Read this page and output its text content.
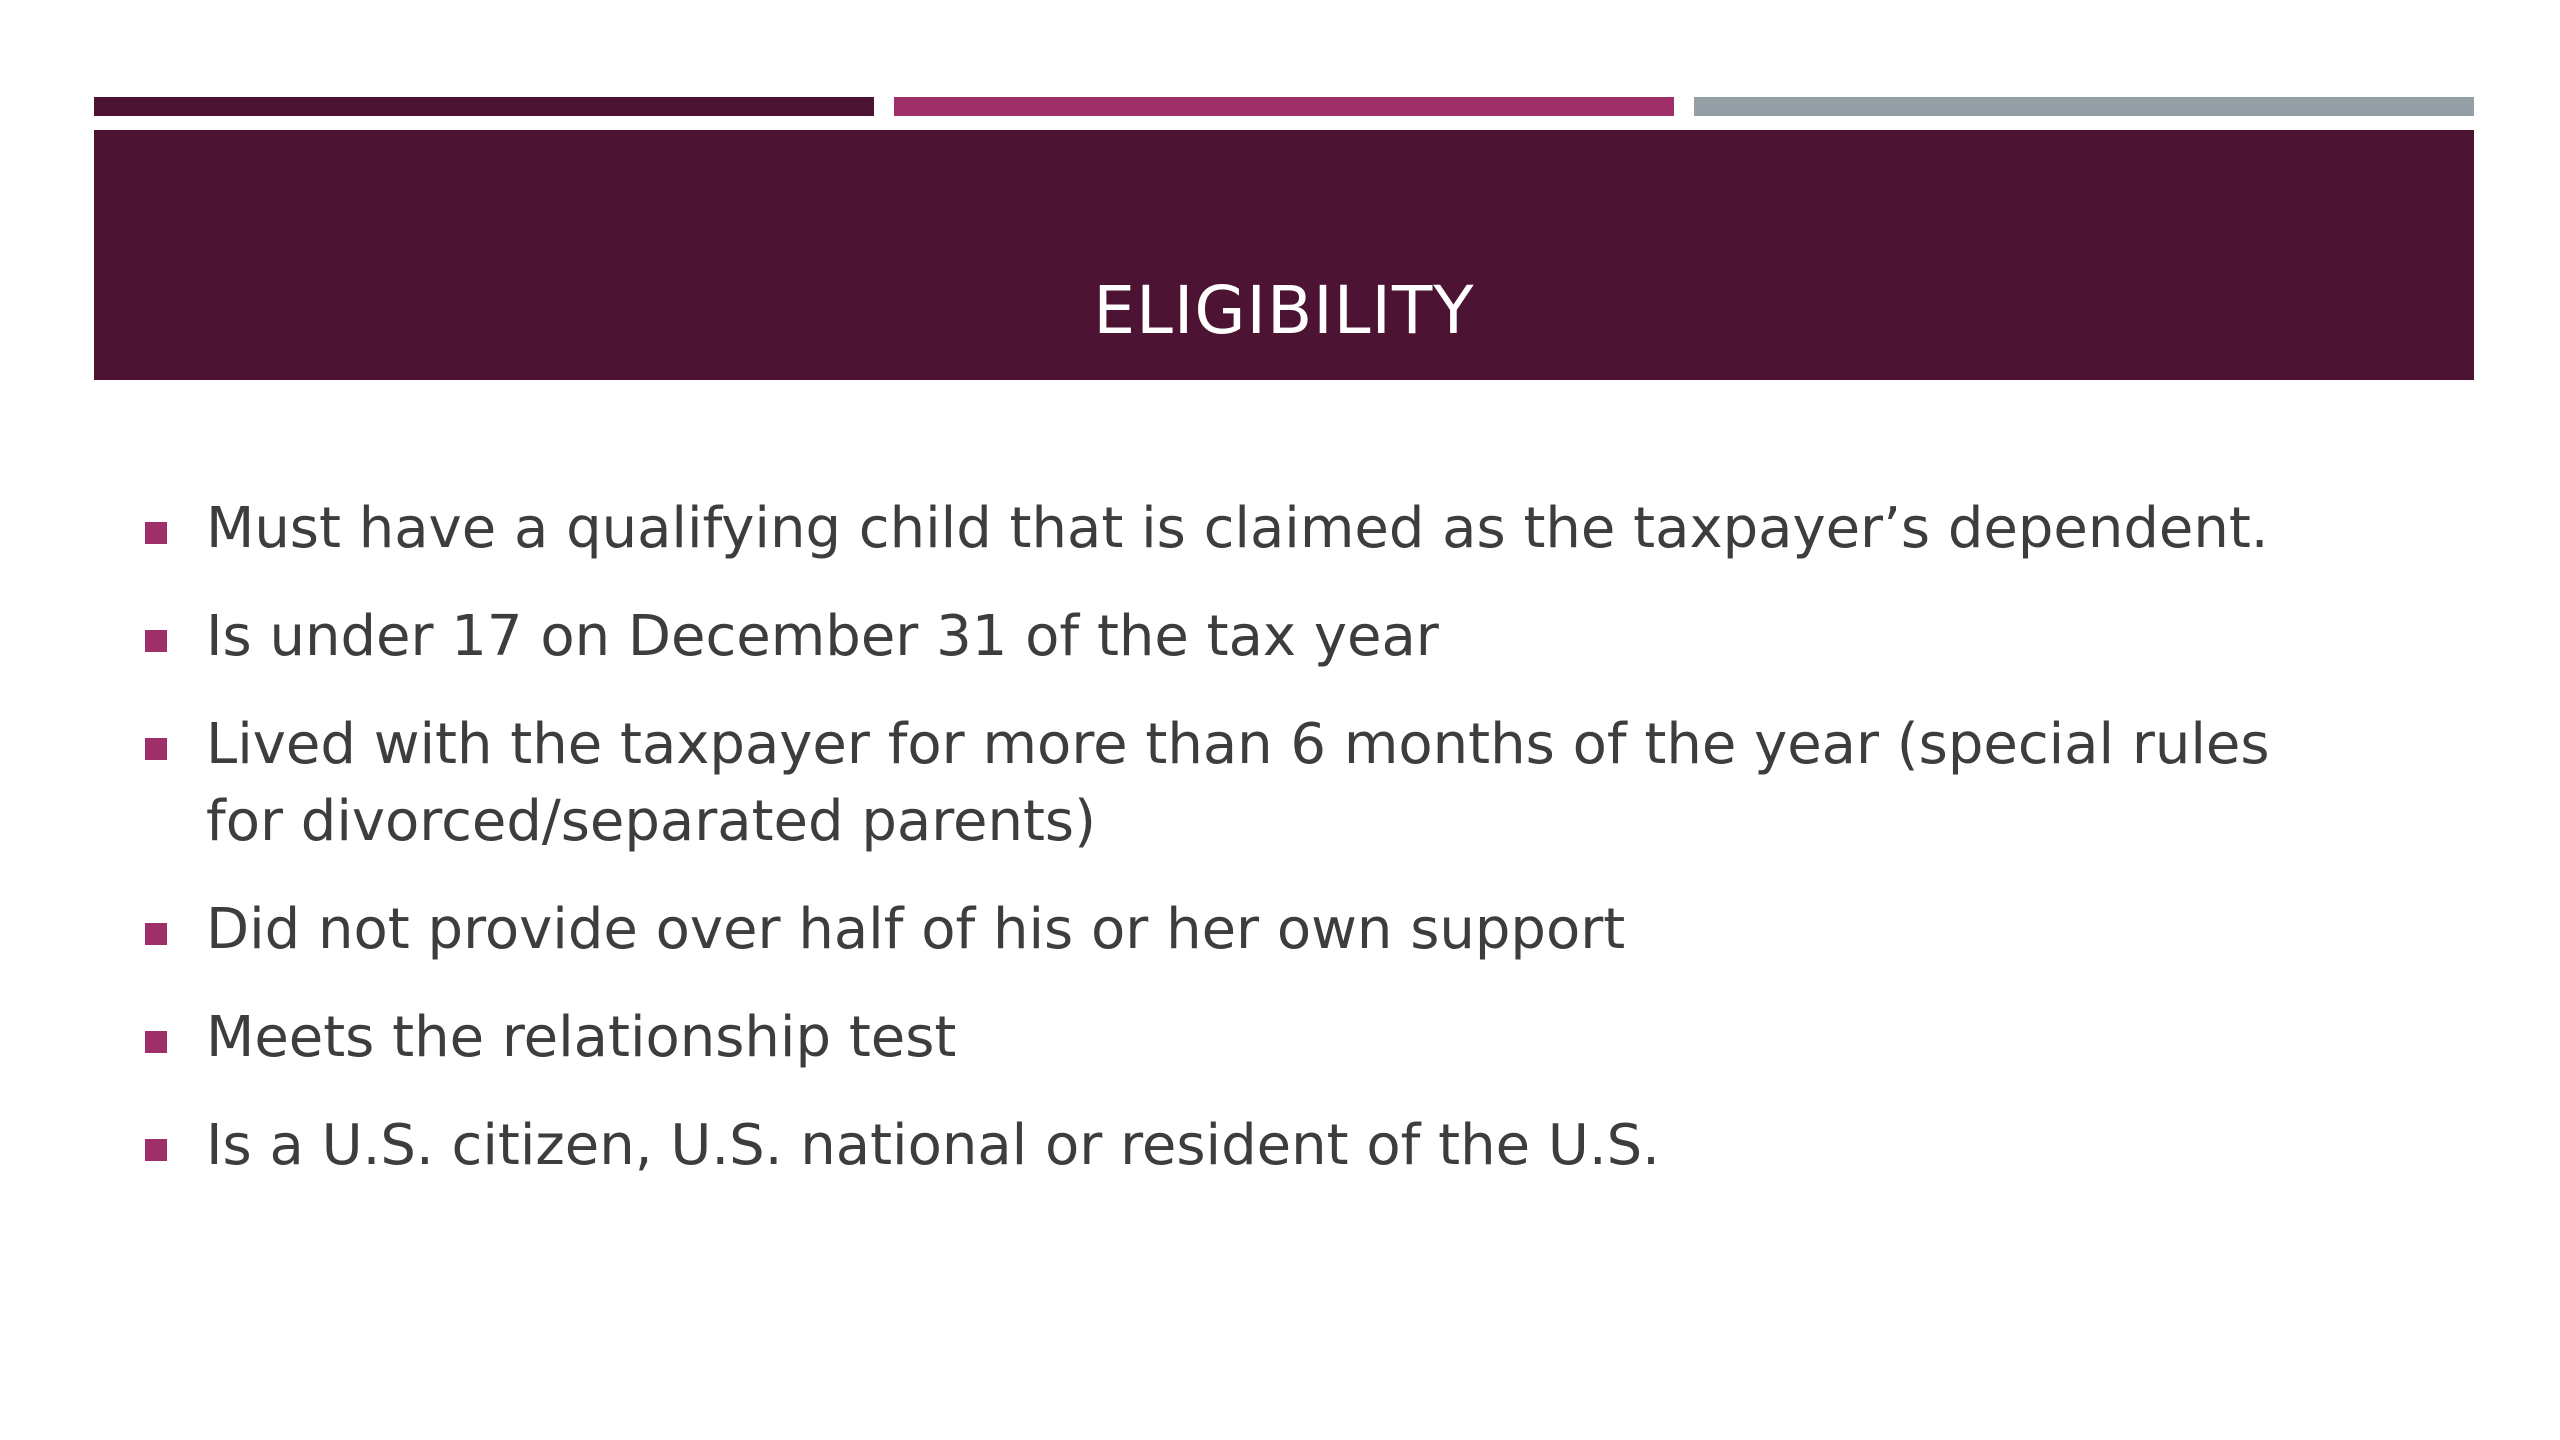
ELIGIBILITY
Must have a qualifying child that is claimed as the taxpayer’s dependent.
Is under 17 on December 31 of the tax year
Lived with the taxpayer for more than 6 months of the year (special rules for divorced/separated parents)
Did not provide over half of his or her own support
Meets the relationship test
Is a U.S. citizen, U.S. national or resident of the U.S.
